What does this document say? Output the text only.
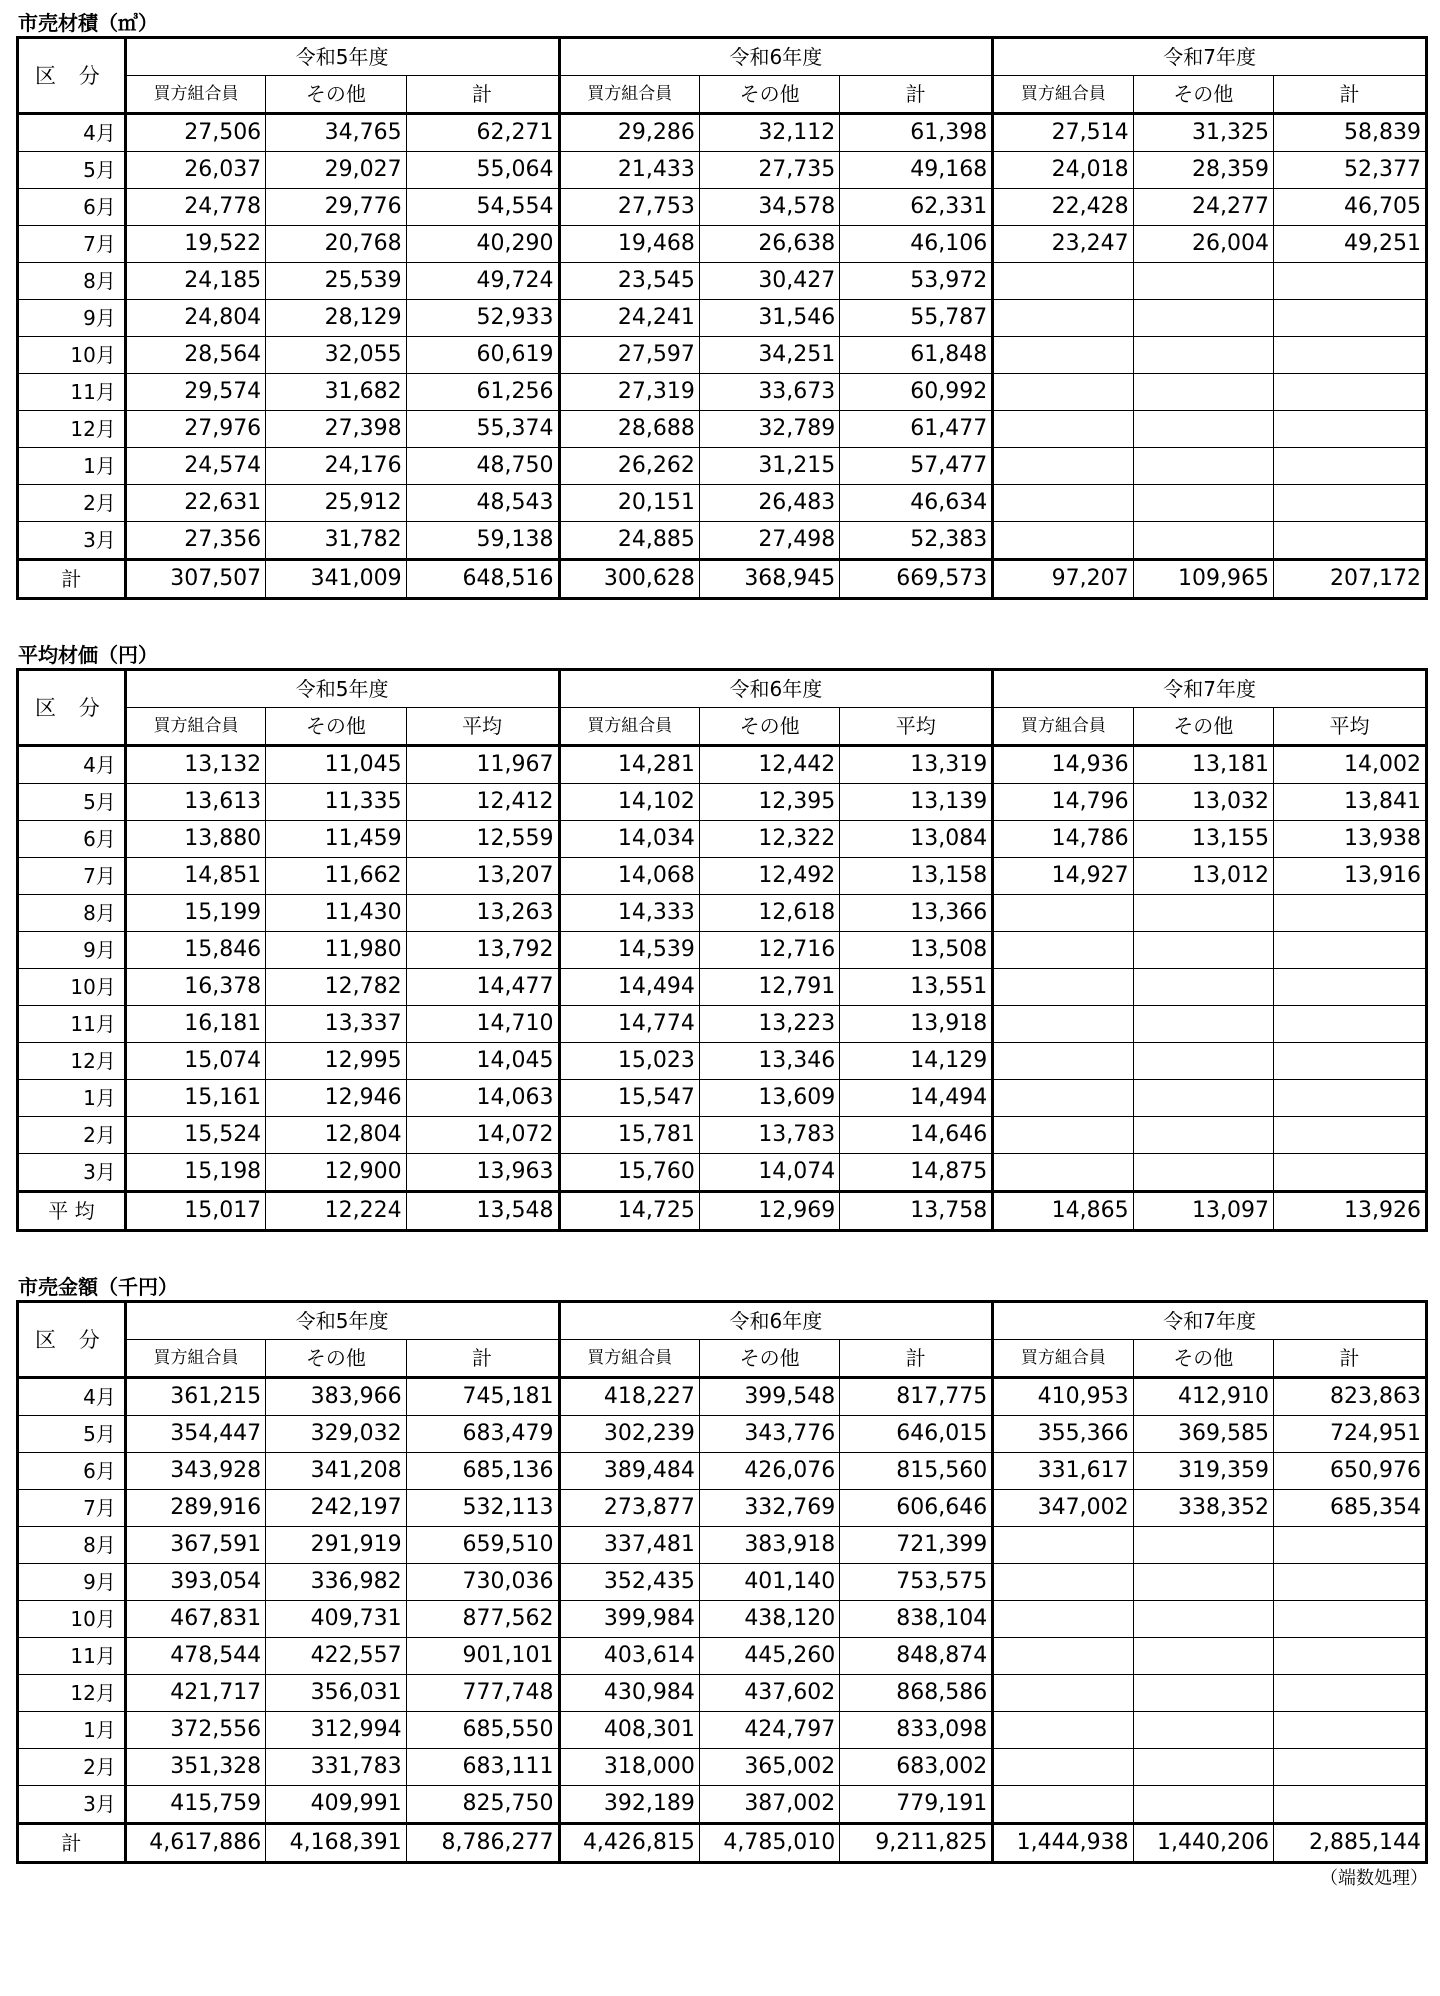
市売材積（㎥）
区 分	令和5年度			令和6年度			令和7年度		
	買方組合員	その他	計	買方組合員	その他	計	買方組合員	その他	計
4月	27,506	34,765	62,271	29,286	32,112	61,398	27,514	31,325	58,839
5月	26,037	29,027	55,064	21,433	27,735	49,168	24,018	28,359	52,377
6月	24,778	29,776	54,554	27,753	34,578	62,331	22,428	24,277	46,705
7月	19,522	20,768	40,290	19,468	26,638	46,106	23,247	26,004	49,251
8月	24,185	25,539	49,724	23,545	30,427	53,972			
9月	24,804	28,129	52,933	24,241	31,546	55,787			
10月	28,564	32,055	60,619	27,597	34,251	61,848			
11月	29,574	31,682	61,256	27,319	33,673	60,992			
12月	27,976	27,398	55,374	28,688	32,789	61,477			
1月	24,574	24,176	48,750	26,262	31,215	57,477			
2月	22,631	25,912	48,543	20,151	26,483	46,634			
3月	27,356	31,782	59,138	24,885	27,498	52,383			
計	307,507	341,009	648,516	300,628	368,945	669,573	97,207	109,965	207,172
平均材価（円）
区 分	令和5年度			令和6年度			令和7年度		
	買方組合員	その他	平均	買方組合員	その他	平均	買方組合員	その他	平均
4月	13,132	11,045	11,967	14,281	12,442	13,319	14,936	13,181	14,002
5月	13,613	11,335	12,412	14,102	12,395	13,139	14,796	13,032	13,841
6月	13,880	11,459	12,559	14,034	12,322	13,084	14,786	13,155	13,938
7月	14,851	11,662	13,207	14,068	12,492	13,158	14,927	13,012	13,916
8月	15,199	11,430	13,263	14,333	12,618	13,366			
9月	15,846	11,980	13,792	14,539	12,716	13,508			
10月	16,378	12,782	14,477	14,494	12,791	13,551			
11月	16,181	13,337	14,710	14,774	13,223	13,918			
12月	15,074	12,995	14,045	15,023	13,346	14,129			
1月	15,161	12,946	14,063	15,547	13,609	14,494			
2月	15,524	12,804	14,072	15,781	13,783	14,646			
3月	15,198	12,900	13,963	15,760	14,074	14,875			
平 均	15,017	12,224	13,548	14,725	12,969	13,758	14,865	13,097	13,926
市売金額（千円）
区 分	令和5年度			令和6年度			令和7年度		
	買方組合員	その他	計	買方組合員	その他	計	買方組合員	その他	計
4月	361,215	383,966	745,181	418,227	399,548	817,775	410,953	412,910	823,863
5月	354,447	329,032	683,479	302,239	343,776	646,015	355,366	369,585	724,951
6月	343,928	341,208	685,136	389,484	426,076	815,560	331,617	319,359	650,976
7月	289,916	242,197	532,113	273,877	332,769	606,646	347,002	338,352	685,354
8月	367,591	291,919	659,510	337,481	383,918	721,399			
9月	393,054	336,982	730,036	352,435	401,140	753,575			
10月	467,831	409,731	877,562	399,984	438,120	838,104			
11月	478,544	422,557	901,101	403,614	445,260	848,874			
12月	421,717	356,031	777,748	430,984	437,602	868,586			
1月	372,556	312,994	685,550	408,301	424,797	833,098			
2月	351,328	331,783	683,111	318,000	365,002	683,002			
3月	415,759	409,991	825,750	392,189	387,002	779,191			
計	4,617,886	4,168,391	8,786,277	4,426,815	4,785,010	9,211,825	1,444,938	1,440,206	2,885,144
（端数処理）
